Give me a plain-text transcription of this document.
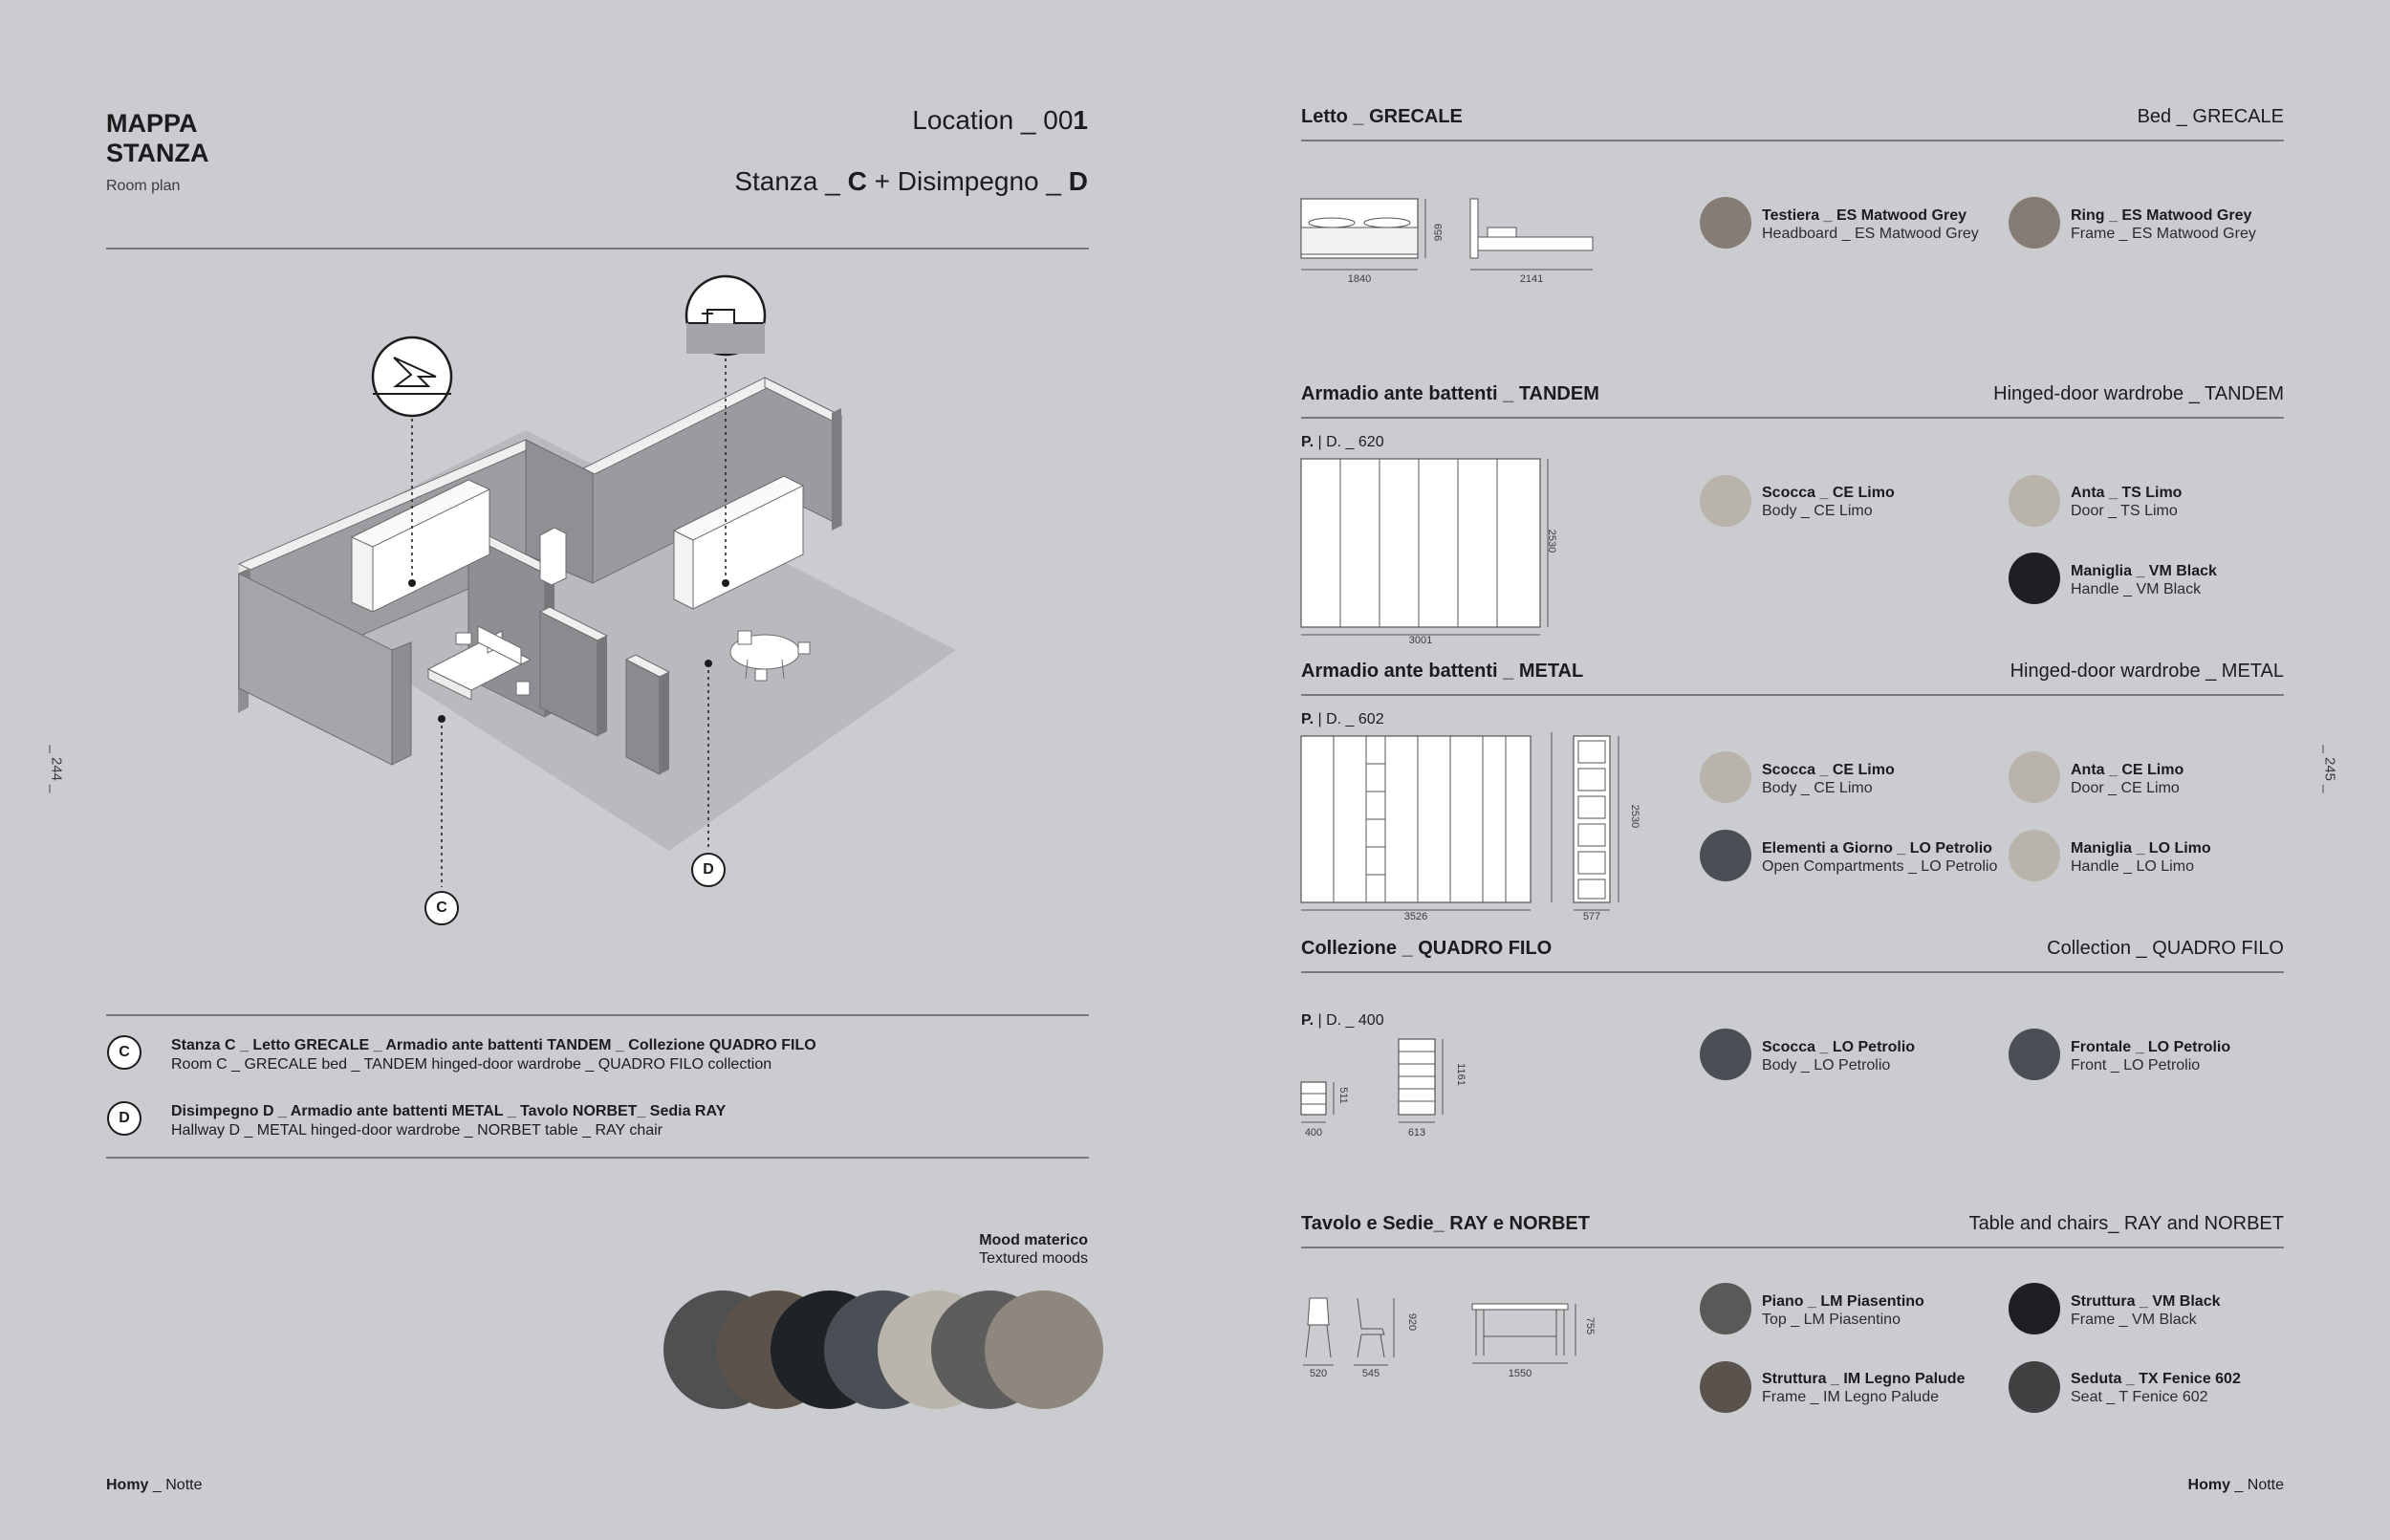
MAPPA
STANZA
Room plan
Location _ 001
Stanza _ C + Disimpegno _ D
C
D
C	Stanza C _ Letto GRECALE _ Armadio ante battenti TANDEM _ Collezione QUADRO FILO
Room C _ GRECALE bed _ TANDEM hinged-door wardrobe _ QUADRO FILO collection
D	Disimpegno D _ Armadio ante battenti METAL _ Tavolo NORBET_ Sedia RAY
Hallway D _ METAL hinged-door wardrobe _ NORBET table _ RAY chair
Mood materico
Textured moods
_ 244 _
Homy _ Notte
Letto _ GRECALE	Bed _ GRECALE
1840
959
2141
Testiera _ ES Matwood Grey
Headboard _ ES Matwood Grey
Ring _ ES Matwood Grey
Frame _ ES Matwood Grey
Armadio ante battenti _ TANDEM	Hinged-door wardrobe _ TANDEM
P. | D. _ 620
3001
2530
Scocca _ CE Limo
Body _ CE Limo
Anta _ TS Limo
Door _ TS Limo
Maniglia _ VM Black
Handle _ VM Black
Armadio ante battenti _ METAL	Hinged-door wardrobe _ METAL
P. | D. _ 602
3526	577
2530
Scocca _ CE Limo
Body _ CE Limo
Anta _ CE Limo
Door _ CE Limo
Elementi a Giorno _ LO Petrolio
Open Compartments _ LO Petrolio
Maniglia _ LO Limo
Handle _ LO Limo
Collezione _ QUADRO FILO	Collection _ QUADRO FILO
P. | D. _ 400
400	613
511
1161
Scocca _ LO Petrolio
Body _ LO Petrolio
Frontale _ LO Petrolio
Front _ LO Petrolio
Tavolo e Sedie_ RAY e NORBET	Table and chairs_ RAY and NORBET
520	545	1550
920	755
Piano _ LM Piasentino
Top _ LM Piasentino
Struttura _ VM Black
Frame _ VM Black
Struttura _ IM Legno Palude
Frame _ IM Legno Palude
Seduta _ TX Fenice 602
Seat _ T Fenice 602
_ 245 _
Homy _ Notte
